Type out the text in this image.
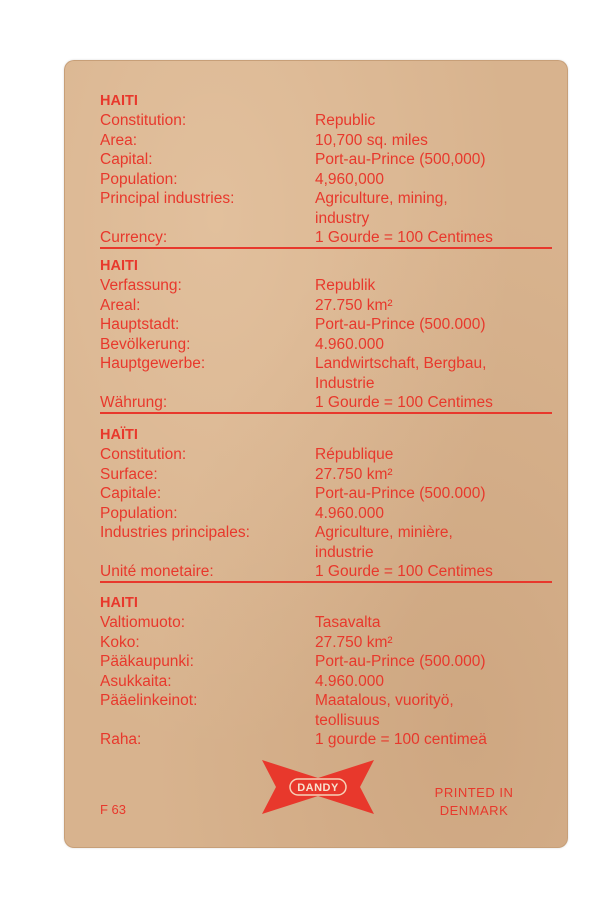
HAITI
Constitution:	Republic
Area:	10,700 sq. miles
Capital:	Port-au-Prince (500,000)
Population:	4,960,000
Principal industries:	Agriculture, mining,
industry
Currency:	1 Gourde = 100 Centimes
HAITI
Verfassung:	Republik
Areal:	27.750 km²
Hauptstadt:	Port-au-Prince (500.000)
Bevölkerung:	4.960.000
Hauptgewerbe:	Landwirtschaft, Bergbau,
Industrie
Währung:	1 Gourde = 100 Centimes
HAÏTI
Constitution:	République
Surface:	27.750 km²
Capitale:	Port-au-Prince (500.000)
Population:	4.960.000
Industries principales:	Agriculture, minière,
industrie
Unité monetaire:	1 Gourde = 100 Centimes
HAITI
Valtiomuoto:	Tasavalta
Koko:	27.750 km²
Pääkaupunki:	Port-au-Prince (500.000)
Asukkaita:	4.960.000
Pääelinkeinot:	Maatalous, vuorityö,
teollisuus
Raha:	1 gourde = 100 centimeä
F 63
DANDY	PRINTED IN
DENMARK
